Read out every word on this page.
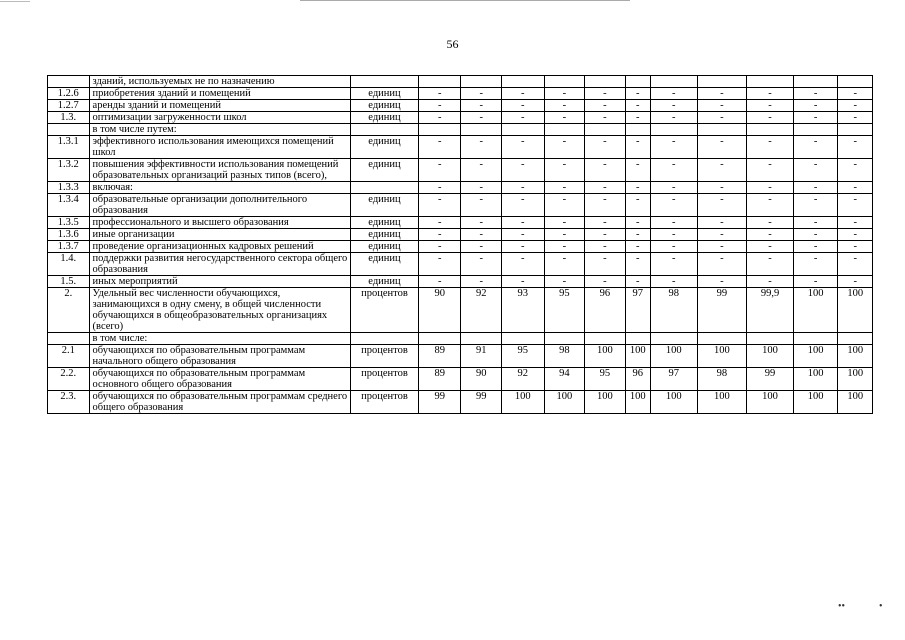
56
	зданий, используемых не по назначению												
1.2.6	приобретения зданий и помещений	единиц	-	-	-	-	-	-	-	-	-	-	-
1.2.7	аренды зданий и помещений	единиц	-	-	-	-	-	-	-	-	-	-	-
1.3.	оптимизации загруженности школ	единиц	-	-	-	-	-	-	-	-	-	-	-
	в том числе путем:												
1.3.1	эффективного использования имеющихся помещений школ	единиц	-	-	-	-	-	-	-	-	-	-	-
1.3.2	повышения эффективности использования помещений образовательных организаций разных типов (всего),	единиц	-	-	-	-	-	-	-	-	-	-	-
1.3.3	включая:		-	-	-	-	-	-	-	-	-	-	-
1.3.4	образовательные организации дополнительного образования	единиц	-	-	-	-	-	-	-	-	-	-	-
1.3.5	профессионального и высшего образования	единиц	-	-	-	-	-	-	-	-	-	-	-
1.3.6	иные организации	единиц	-	-	-	-	-	-	-	-	-	-	-
1.3.7	проведение организационных кадровых решений	единиц	-	-	-	-	-	-	-	-	-	-	-
1.4.	поддержки развития негосударственного сектора общего образования	единиц	-	-	-	-	-	-	-	-	-	-	-
1.5.	иных мероприятий	единиц	-	-	-	-	-	-	-	-	-	-	-
2.	Удельный вес численности обучающихся, занимающихся в одну смену, в общей численности обучающихся в общеобразовательных организациях (всего)	процентов	90	92	93	95	96	97	98	99	99,9	100	100
	в том числе:												
2.1	обучающихся по образовательным программам начального общего образования	процентов	89	91	95	98	100	100	100	100	100	100	100
2.2.	обучающихся по образовательным программам основного общего образования	процентов	89	90	92	94	95	96	97	98	99	100	100
2.3.	обучающихся по образовательным программам среднего общего образования	процентов	99	99	100	100	100	100	100	100	100	100	100
••	•
